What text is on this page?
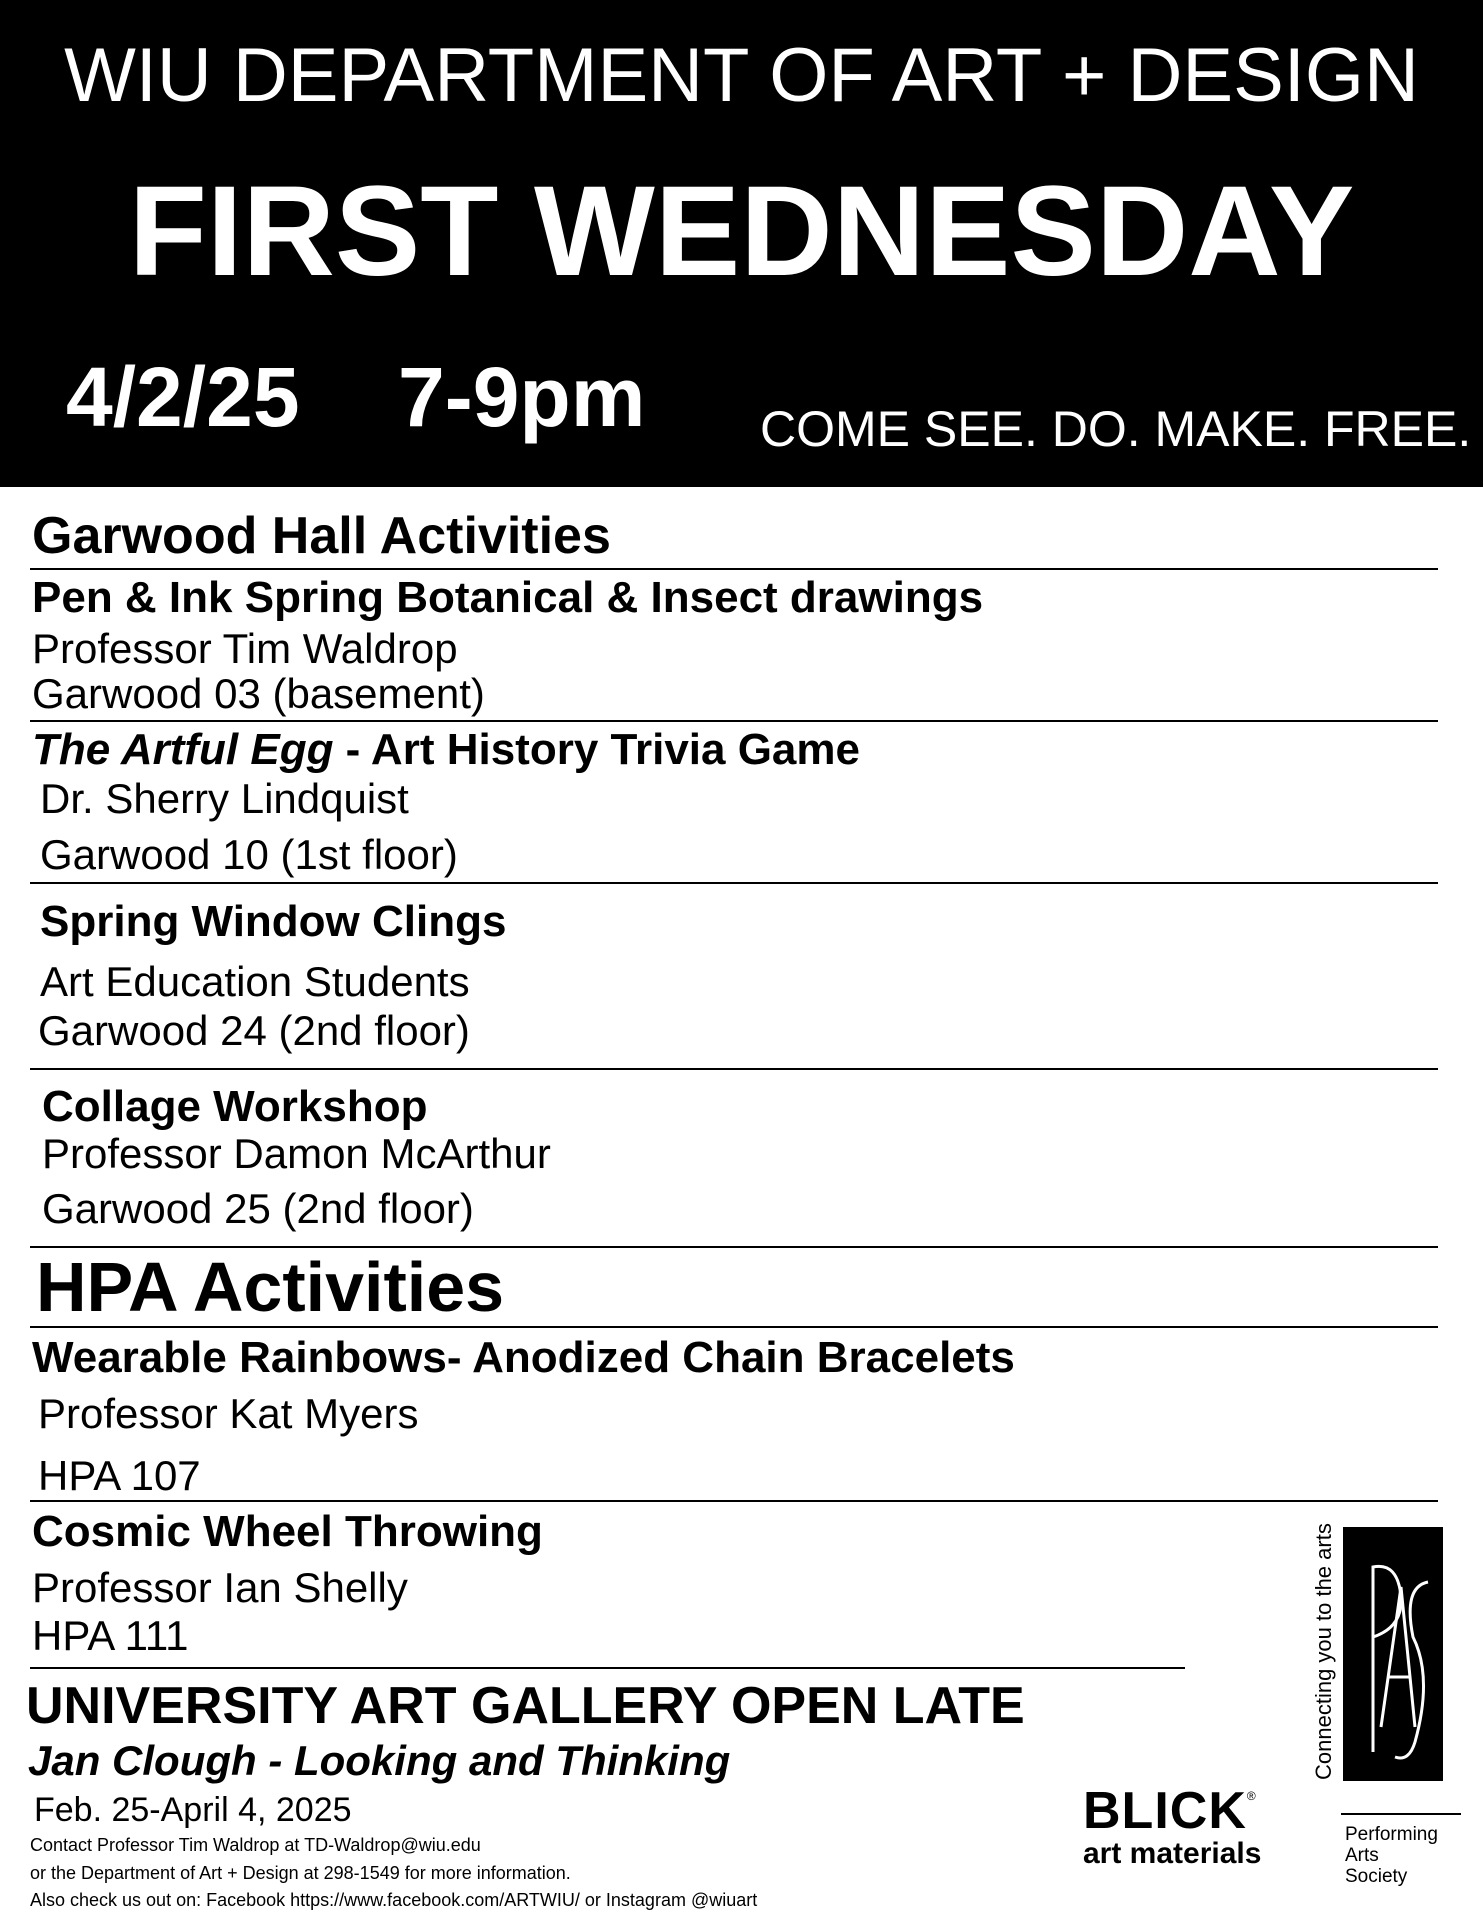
WIU DEPARTMENT OF ART + DESIGN
FIRST WEDNESDAY
4/2/25 7-9pm COME SEE. DO. MAKE. FREE.
Garwood Hall Activities
Pen & Ink Spring Botanical & Insect drawings
Professor Tim Waldrop
Garwood 03 (basement)
The Artful Egg - Art History Trivia Game
Dr. Sherry Lindquist
Garwood 10 (1st floor)
Spring Window Clings
Art Education Students
Garwood 24 (2nd floor)
Collage Workshop
Professor Damon McArthur
Garwood 25 (2nd floor)
HPA Activities
Wearable Rainbows- Anodized Chain Bracelets
Professor Kat Myers
HPA 107
Cosmic Wheel Throwing
Professor Ian Shelly
HPA 111
UNIVERSITY ART GALLERY OPEN LATE
Jan Clough - Looking and Thinking
Feb. 25-April 4, 2025
Contact Professor Tim Waldrop at TD-Waldrop@wiu.edu
or the Department of Art + Design at 298-1549 for more information.
Also check us out on: Facebook https://www.facebook.com/ARTWIU/ or Instagram @wiuart
BLICK®
art materials
Connecting you to the arts
Performing
Arts
Society
